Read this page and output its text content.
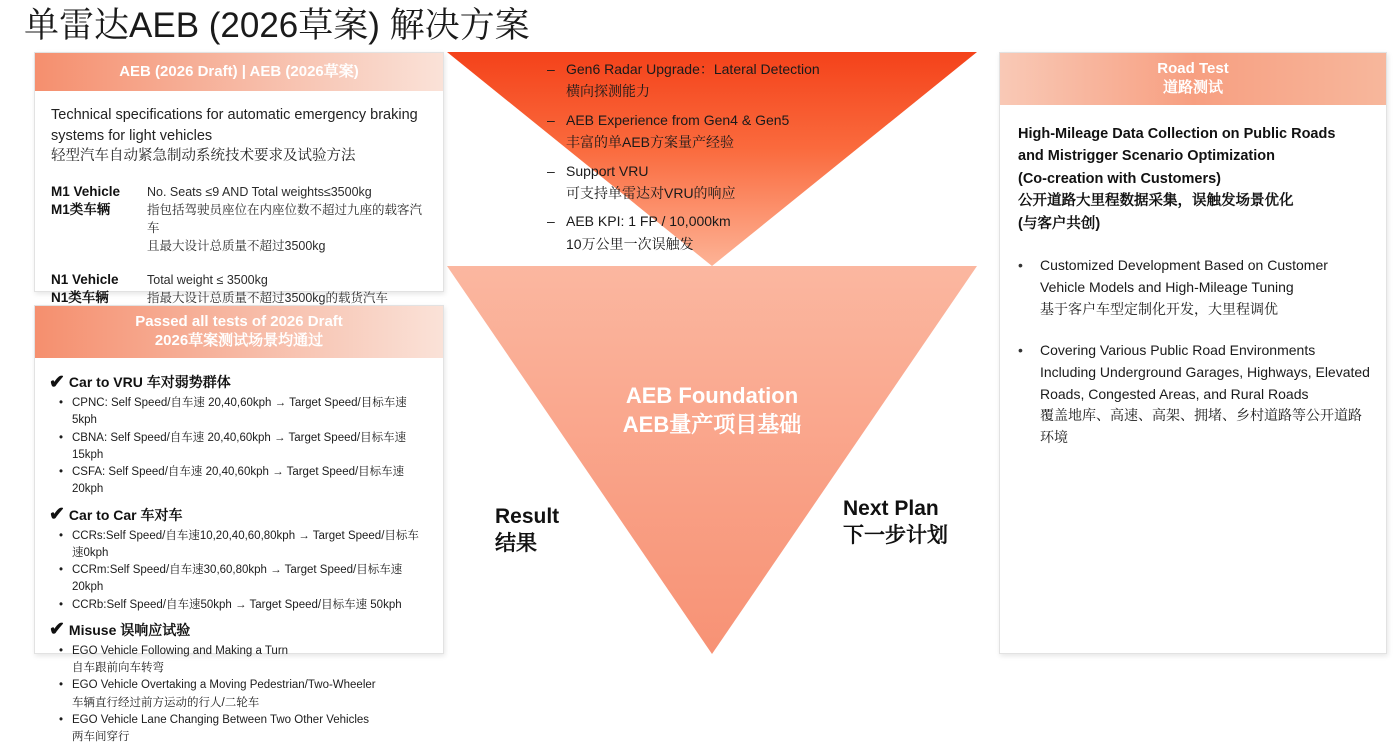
单雷达AEB (2026草案) 解决方案
AEB (2026 Draft) | AEB (2026草案)
Technical specifications for automatic emergency braking systems for light vehicles
轻型汽车自动紧急制动系统技术要求及试验方法
M1 Vehicle
M1类车辆
No. Seats ≤9 AND Total weights≤3500kg
指包括驾驶员座位在内座位数不超过九座的载客汽车
且最大设计总质量不超过3500kg
N1 Vehicle
N1类车辆
Total weight ≤ 3500kg
指最大设计总质量不超过3500kg的载货汽车
Passed all tests of 2026 Draft
2026草案测试场景均通过
✔ Car to VRU 车对弱势群体
• CPNC: Self Speed/自车速 20,40,60kph → Target Speed/目标车速 5kph
• CBNA: Self Speed/自车速 20,40,60kph → Target Speed/目标车速15kph
• CSFA: Self Speed/自车速 20,40,60kph → Target Speed/目标车速20kph
✔ Car to Car 车对车
• CCRs:Self Speed/自车速10,20,40,60,80kph → Target Speed/目标车速0kph
• CCRm:Self Speed/自车速30,60,80kph → Target Speed/目标车速 20kph
• CCRb:Self Speed/自车速50kph → Target Speed/目标车速 50kph
✔ Misuse 误响应试验
• EGO Vehicle Following and Making a Turn
自车跟前向车转弯
• EGO Vehicle Overtaking a Moving Pedestrian/Two-Wheeler
车辆直行经过前方运动的行人/二轮车
• EGO Vehicle Lane Changing Between Two Other Vehicles
两车间穿行
AEB Foundation
AEB量产项目基础
– Gen6 Radar Upgrade：Lateral Detection
横向探测能力
– AEB Experience from Gen4 & Gen5
丰富的单AEB方案量产经验
– Support VRU
可支持单雷达对VRU的响应
– AEB KPI: 1 FP / 10,000km
10万公里一次误触发
Result
结果
Next Plan
下一步计划
Road Test
道路测试
High-Mileage Data Collection on Public Roads
and Mistrigger Scenario Optimization
(Co-creation with Customers)
公开道路大里程数据采集，误触发场景优化
(与客户共创)
•	Customized Development Based on Customer Vehicle Models and High-Mileage Tuning
基于客户车型定制化开发，大里程调优
•	Covering Various Public Road Environments Including Underground Garages, Highways, Elevated Roads, Congested Areas, and Rural Roads
覆盖地库、高速、高架、拥堵、乡村道路等公开道路环境
